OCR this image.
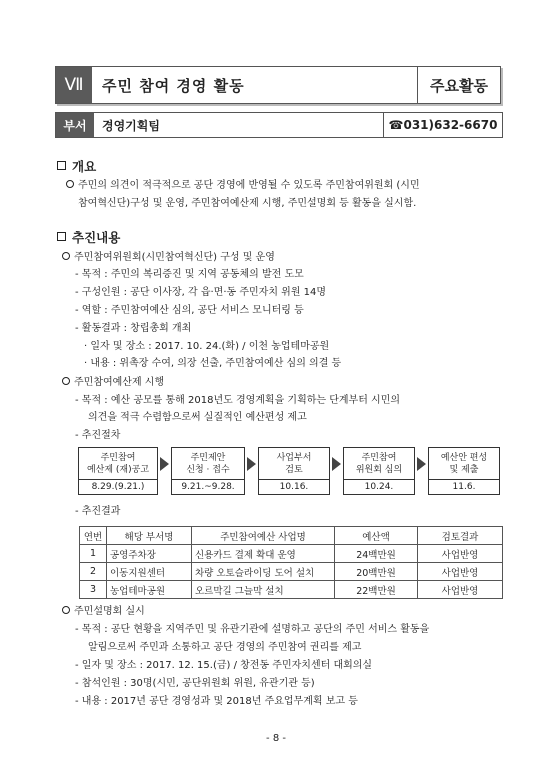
Ⅶ	주민 참여 경영 활동	주요활동
부서	경영기획팀	☎031)632-6670
개요
주민의 의견이 적극적으로 공단 경영에 반영될 수 있도록 주민참여위원회 (시민
참여혁신단)구성 및 운영, 주민참여예산제 시행, 주민설명회 등 활동을 실시함.
추진내용
주민참여위원회(시민참여혁신단) 구성 및 운영
- 목적 : 주민의 복리증진 및 지역 공동체의 발전 도모
- 구성인원 : 공단 이사장, 각 읍·면·동 주민자치 위원 14명
- 역할 : 주민참여예산 심의, 공단 서비스 모니터링 등
- 활동결과 : 창립총회 개최
· 일자 및 장소 : 2017. 10. 24.(화) / 이천 농업테마공원
· 내용 : 위촉장 수여, 의장 선출, 주민참여예산 심의 의결 등
주민참여예산제 시행
- 목적 : 예산 공모를 통해 2018년도 경영계획을 기획하는 단계부터 시민의
의견을 적극 수렴함으로써 실질적인 예산편성 제고
- 추진절차
주민참여
예산제 (재)공고
8.29.(9.21.)
주민제안
신청 · 접수
9.21.~9.28.
사업부서
검토
10.16.
주민참여
위원회 심의
10.24.
예산안 편성
및 제출
11.6.
- 추진결과
연번	해당 부서명	주민참여예산 사업명	예산액	검토결과
1	공영주차장	신용카드 결제 확대 운영	24백만원	사업반영
2	이동지원센터	차량 오토슬라이딩 도어 설치	20백만원	사업반영
3	농업테마공원	오르막길 그늘막 설치	22백만원	사업반영
주민설명회 실시
- 목적 : 공단 현황을 지역주민 및 유관기관에 설명하고 공단의 주민 서비스 활동을
알림으로써 주민과 소통하고 공단 경영의 주민참여 권리를 제고
- 일자 및 장소 : 2017. 12. 15.(금) / 창전동 주민자치센터 대회의실
- 참석인원 : 30명(시민, 공단위원회 위원, 유관기관 등)
- 내용 : 2017년 공단 경영성과 및 2018년 주요업무계획 보고 등
- 8 -
